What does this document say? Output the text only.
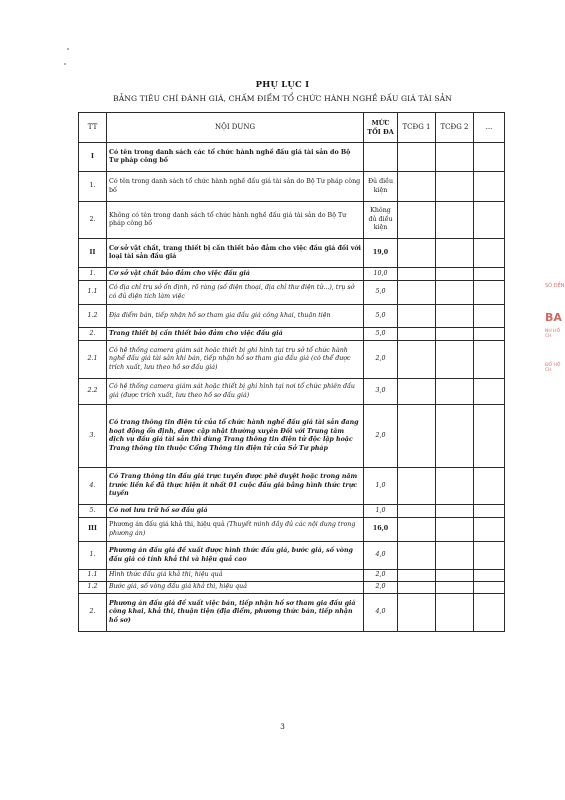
PHỤ LỤC I
BẢNG TIÊU CHÍ ĐÁNH GIÁ, CHẤM ĐIỂM TỔ CHỨC HÀNH NGHỀ ĐẤU GIÁ TÀI SẢN
TT	NỘI DUNG	MỨC TỐI ĐA	TCĐG 1	TCĐG 2	...
I	Có tên trong danh sách các tổ chức hành nghề đấu giá tài sản do Bộ Tư pháp công bố				
1.	Có tên trong danh sách tổ chức hành nghề đấu giá tài sản do Bộ Tư pháp công bố	Đủ điều kiện			
2.	Không có tên trong danh sách tổ chức hành nghề đấu giá tài sản do Bộ Tư pháp công bố	Không đủ điều kiện			
II	Cơ sở vật chất, trang thiết bị cần thiết bảo đảm cho việc đấu giá đối với loại tài sản đấu giá	19,0			
1.	Cơ sở vật chất bảo đảm cho việc đấu giá	10,0			
1.1	Có địa chỉ trụ sở ổn định, rõ ràng (số điện thoại, địa chỉ thư điện tử...), trụ sở có đủ diện tích làm việc	5,0			
1.2	Địa điểm bán, tiếp nhận hồ sơ tham gia đấu giá công khai, thuận tiện	5,0			
2.	Trang thiết bị cần thiết bảo đảm cho việc đấu giá	5,0			
2.1	Có hệ thống camera giám sát hoặc thiết bị ghi hình tại trụ sở tổ chức hành nghề đấu giá tài sản khi bán, tiếp nhận hồ sơ tham gia đấu giá (có thể được trích xuất, lưu theo hồ sơ đấu giá)	2,0			
2.2	Có hệ thống camera giám sát hoặc thiết bị ghi hình tại nơi tổ chức phiên đấu giá (được trích xuất, lưu theo hồ sơ đấu giá)	3,0			
3.	Có trang thông tin điện tử của tổ chức hành nghề đấu giá tài sản đang hoạt động ổn định, được cập nhật thường xuyên Đối với Trung tâm dịch vụ đấu giá tài sản thì dùng Trang thông tin điện tử độc lập hoặc Trang thông tin thuộc Cổng Thông tin điện tử của Sở Tư pháp	2,0			
4.	Có Trang thông tin đấu giá trực tuyến được phê duyệt hoặc trong năm trước liền kề đã thực hiện ít nhất 01 cuộc đấu giá bằng hình thức trực tuyến	1,0			
5.	Có nơi lưu trữ hồ sơ đấu giá	1,0			
III	Phương án đấu giá khả thi, hiệu quả (Thuyết minh đầy đủ các nội dung trong phương án)	16,0			
1.	Phương án đấu giá đề xuất được hình thức đấu giá, bước giá, số vòng đấu giá có tính khả thi và hiệu quả cao	4,0			
1.1	Hình thức đấu giá khả thi, hiệu quả	2,0			
1.2	Bước giá, số vòng đấu giá khả thi, hiệu quả	2,0			
2.	Phương án đấu giá đề xuất việc bán, tiếp nhận hồ sơ tham gia đấu giá công khai, khả thi, thuận tiện (địa điểm, phương thức bán, tiếp nhận hồ sơ)	4,0			
3
SỐ ĐỀN
BA
NH HỒ CH
ĐỐ HỒ CH
